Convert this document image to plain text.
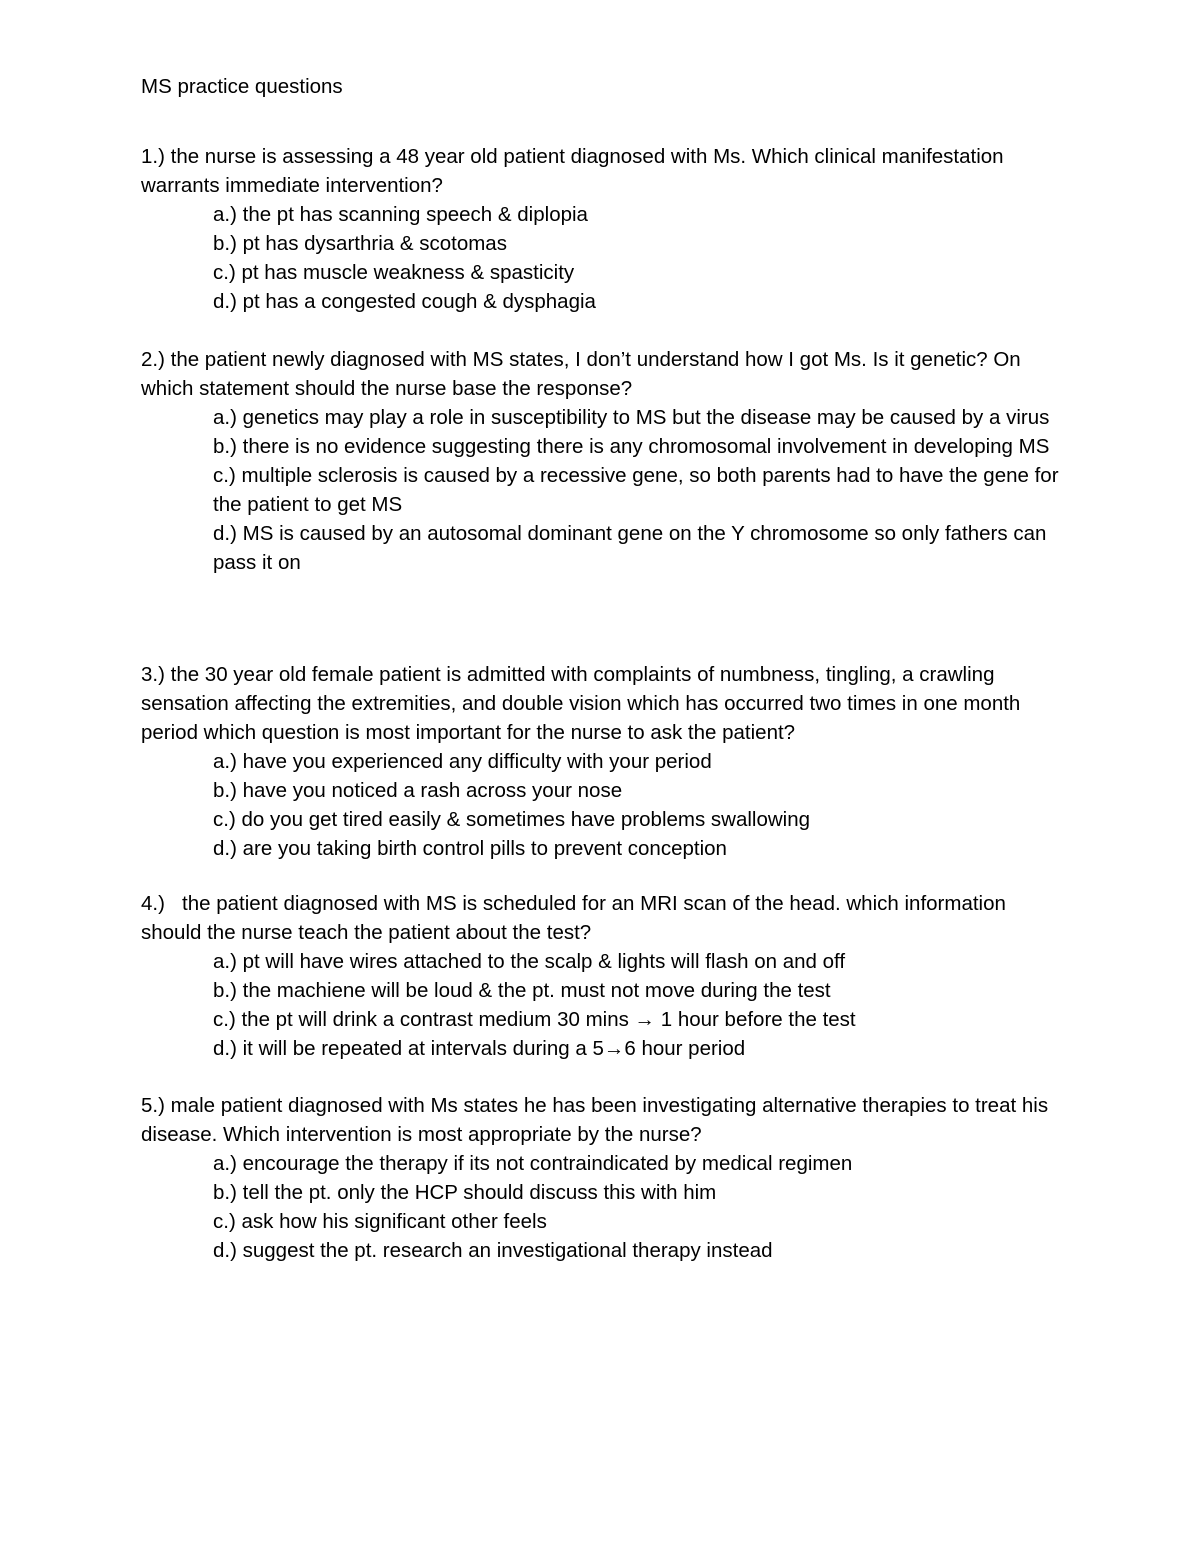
MS practice questions

1.) the nurse is assessing a 48 year old patient diagnosed with Ms. Which clinical manifestation warrants immediate intervention?

a.) the pt has scanning speech & diplopia
b.) pt has dysarthria & scotomas
c.) pt has muscle weakness & spasticity
d.) pt has a congested cough & dysphagia

2.) the patient newly diagnosed with MS states, I don’t understand how I got Ms. Is it genetic? On which statement should the nurse base the response?

a.) genetics may play a role in susceptibility to MS but the disease may be caused by a virus
b.) there is no evidence suggesting there is any chromosomal involvement in developing MS
c.) multiple sclerosis is caused by a recessive gene, so both parents had to have the gene for the patient to get MS
d.) MS is caused by an autosomal dominant gene on the Y chromosome so only fathers can pass it on

3.) the 30 year old female patient is admitted with complaints of numbness, tingling, a crawling sensation affecting the extremities, and double vision which has occurred two times in one month period which question is most important for the nurse to ask the patient?

a.) have you experienced any difficulty with your period
b.) have you noticed a rash across your nose
c.) do you get tired easily & sometimes have problems swallowing
d.) are you taking birth control pills to prevent conception

4.)   the patient diagnosed with MS is scheduled for an MRI scan of the head. which information should the nurse teach the patient about the test?

a.) pt will have wires attached to the scalp & lights will flash on and off
b.) the machiene will be loud & the pt. must not move during the test
c.) the pt will drink a contrast medium 30 mins → 1 hour before the test
d.) it will be repeated at intervals during a 5→6 hour period

5.) male patient diagnosed with Ms states he has been investigating alternative therapies to treat his disease. Which intervention is most appropriate by the nurse?

a.) encourage the therapy if its not contraindicated by medical regimen
b.) tell the pt. only the HCP should discuss this with him
c.) ask how his significant other feels
d.) suggest the pt. research an investigational therapy instead
